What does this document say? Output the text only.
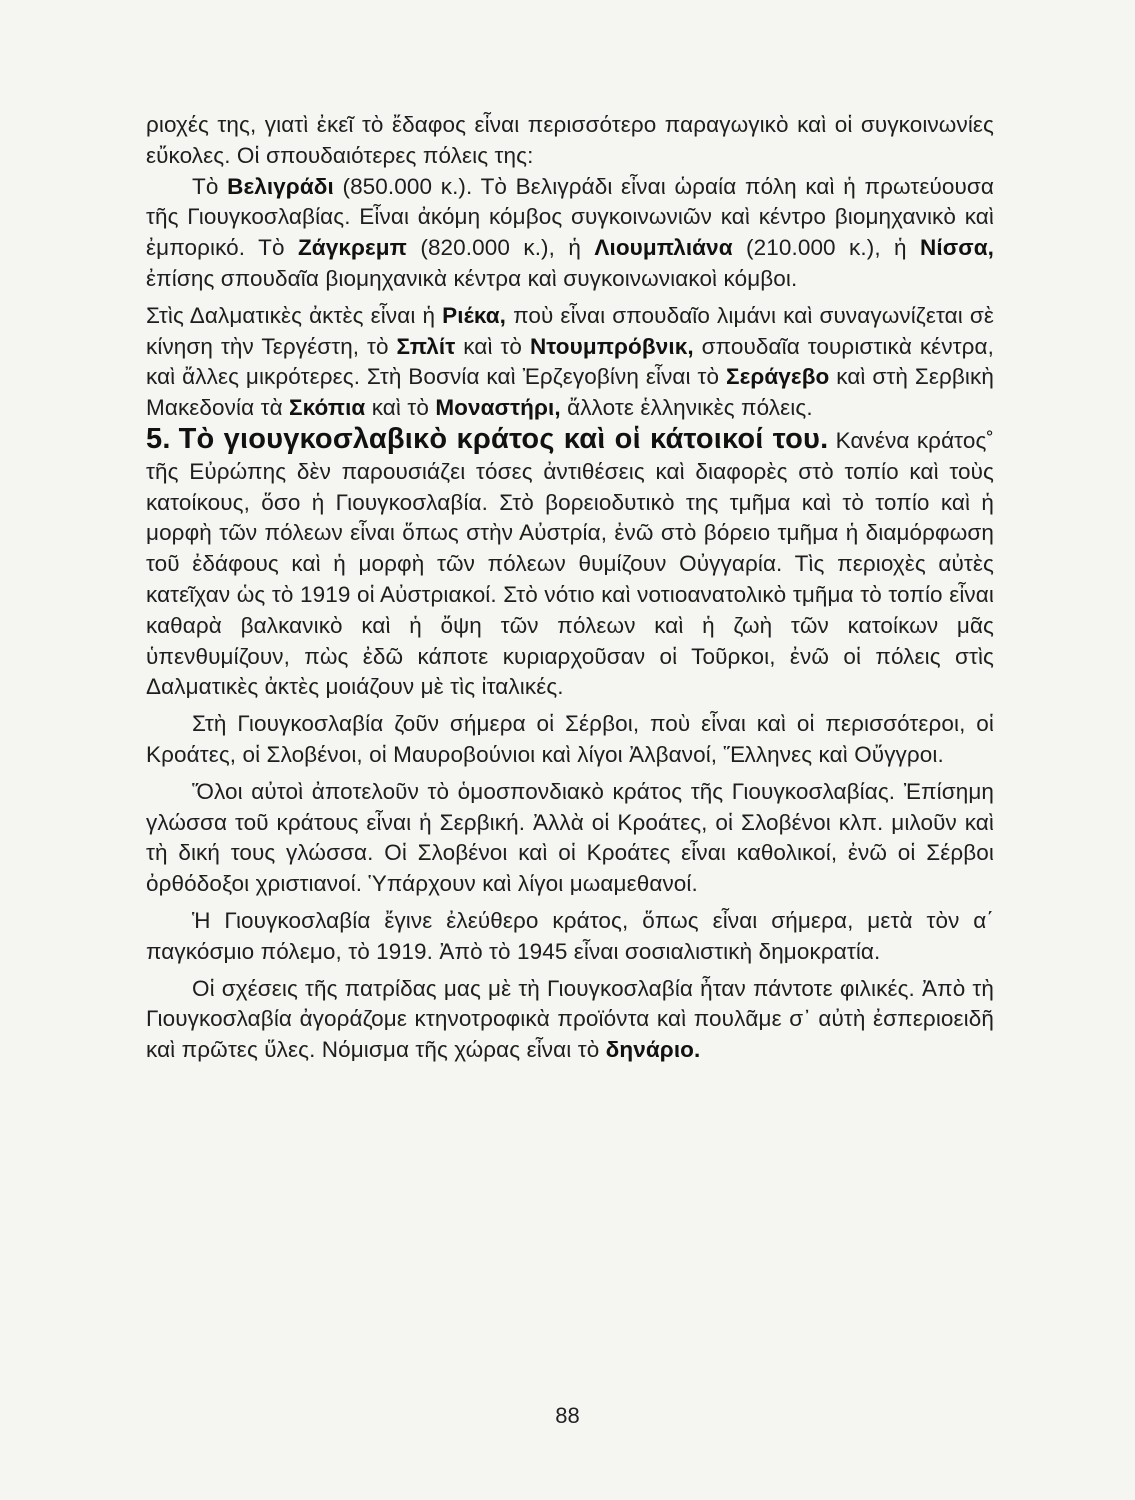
ριοχές της, γιατὶ ἐκεῖ τὸ ἔδαφος εἶναι περισσότερο παραγωγικὸ καὶ οἱ συγκοινωνίες εὔκολες. Οἱ σπουδαιότερες πόλεις της:

Τὸ Βελιγράδι (850.000 κ.). Τὸ Βελιγράδι εἶναι ὡραία πόλη καὶ ἡ πρωτεύουσα τῆς Γιουγκοσλαβίας. Εἶναι ἀκόμη κόμβος συγκοινωνιῶν καὶ κέντρο βιομηχανικὸ καὶ ἐμπορικό. Τὸ Ζάγκρεμπ (820.000 κ.), ἡ Λιουμπλιάνα (210.000 κ.), ἡ Νίσσα, ἐπίσης σπουδαῖα βιομηχανικὰ κέντρα καὶ συγκοινωνιακοὶ κόμβοι.

Στὶς Δαλματικὲς ἀκτὲς εἶναι ἡ Ριέκα, ποὺ εἶναι σπουδαῖο λιμάνι καὶ συναγωνίζεται σὲ κίνηση τὴν Τεργέστη, τὸ Σπλίτ καὶ τὸ Ντουμπρόβνικ, σπουδαῖα τουριστικὰ κέντρα, καὶ ἄλλες μικρότερες. Στὴ Βοσνία καὶ Ἐρζεγοβίνη εἶναι τὸ Σεράγεβο καὶ στὴ Σερβικὴ Μακεδονία τὰ Σκόπια καὶ τὸ Μοναστήρι, ἄλλοτε ἑλληνικὲς πόλεις.

5. Τὸ γιουγκοσλαβικὸ κράτος καὶ οἱ κάτοικοί του. Κανένα κράτος˚ τῆς Εὐρώπης δὲν παρουσιάζει τόσες ἀντιθέσεις καὶ διαφορὲς στὸ τοπίο καὶ τοὺς κατοίκους, ὅσο ἡ Γιουγκοσλαβία. Στὸ βορειοδυτικὸ της τμῆμα καὶ τὸ τοπίο καὶ ἡ μορφὴ τῶν πόλεων εἶναι ὅπως στὴν Αὐστρία, ἐνῶ στὸ βόρειο τμῆμα ἡ διαμόρφωση τοῦ ἐδάφους καὶ ἡ μορφὴ τῶν πόλεων θυμίζουν Οὐγγαρία. Τὶς περιοχὲς αὐτὲς κατεῖχαν ὡς τὸ 1919 οἱ Αὐστριακοί. Στὸ νότιο καὶ νοτιοανατολικὸ τμῆμα τὸ τοπίο εἶναι καθαρὰ βαλκανικὸ καὶ ἡ ὄψη τῶν πόλεων καὶ ἡ ζωὴ τῶν κατοίκων μᾶς ὑπενθυμίζουν, πὼς ἐδῶ κάποτε κυριαρχοῦσαν οἱ Τοῦρκοι, ἐνῶ οἱ πόλεις στὶς Δαλματικὲς ἀκτὲς μοιάζουν μὲ τὶς ἰταλικές.

Στὴ Γιουγκοσλαβία ζοῦν σήμερα οἱ Σέρβοι, ποὺ εἶναι καὶ οἱ περισσότεροι, οἱ Κροάτες, οἱ Σλοβένοι, οἱ Μαυροβούνιοι καὶ λίγοι Ἀλβανοί, Ἕλληνες καὶ Οὔγγροι.

Ὅλοι αὐτοὶ ἀποτελοῦν τὸ ὁμοσπονδιακὸ κράτος τῆς Γιουγκοσλαβίας. Ἐπίσημη γλώσσα τοῦ κράτους εἶναι ἡ Σερβική. Ἀλλὰ οἱ Κροάτες, οἱ Σλοβένοι κλπ. μιλοῦν καὶ τὴ δική τους γλώσσα. Οἱ Σλοβένοι καὶ οἱ Κροάτες εἶναι καθολικοί, ἐνῶ οἱ Σέρβοι ὀρθόδοξοι χριστιανοί. Ὑπάρχουν καὶ λίγοι μωαμεθανοί.

Ἡ Γιουγκοσλαβία ἔγινε ἐλεύθερο κράτος, ὅπως εἶναι σήμερα, μετὰ τὸν α΄ παγκόσμιο πόλεμο, τὸ 1919. Ἀπὸ τὸ 1945 εἶναι σοσιαλιστικὴ δημοκρατία.

Οἱ σχέσεις τῆς πατρίδας μας μὲ τὴ Γιουγκοσλαβία ἦταν πάντοτε φιλικές. Ἀπὸ τὴ Γιουγκοσλαβία ἀγοράζομε κτηνοτροφικὰ προϊόντα καὶ πουλᾶμε σ᾽ αὐτὴ ἐσπεριοειδῆ καὶ πρῶτες ὕλες. Νόμισμα τῆς χώρας εἶναι τὸ δηνάριο.

88
